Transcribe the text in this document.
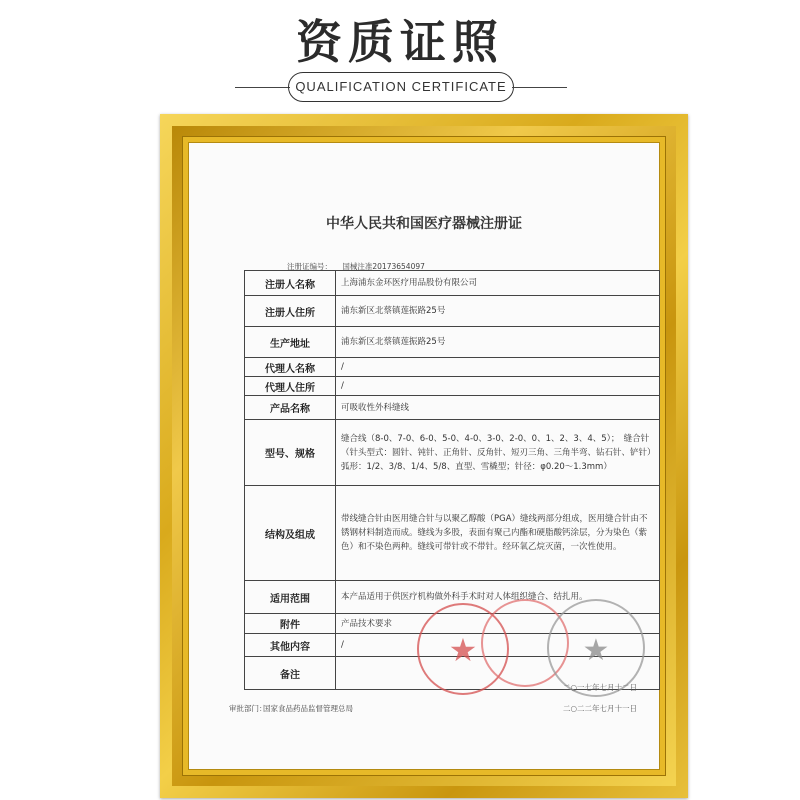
资质证照
QUALIFICATION CERTIFICATE
中华人民共和国医疗器械注册证
注册证编号： 国械注准20173654097
注册人名称	上海浦东金环医疗用品股份有限公司
注册人住所	浦东新区北蔡镇莲振路25号
生产地址	浦东新区北蔡镇莲振路25号
代理人名称	/
代理人住所	/
产品名称	可吸收性外科缝线
型号、规格	缝合线（8-0、7-0、6-0、5-0、4-0、3-0、2-0、0、1、2、3、4、5）；　缝合针（针头型式：圆针、钝针、正角针、反角针、短刃三角、三角半弯、钻石针、铲针）弧形：1/2、3/8、1/4、5/8、直型、雪橇型；针径：φ0.20～1.3mm）
结构及组成	带线缝合针由医用缝合针与以聚乙醇酸（PGA）缝线两部分组成，医用缝合针由不锈钢材料制造而成。缝线为多股，表面有聚己内酯和硬脂酸钙涂层，分为染色（紫色）和不染色两种。缝线可带针或不带针。经环氧乙烷灭菌，一次性使用。
适用范围	本产品适用于供医疗机构做外科手术时对人体组织缝合、结扎用。
附件	产品技术要求
其他内容	/
备注	
★	★
审批部门：
国家食品药品监督管理总局
二○一七年七月十二日
二○二二年七月十一日
